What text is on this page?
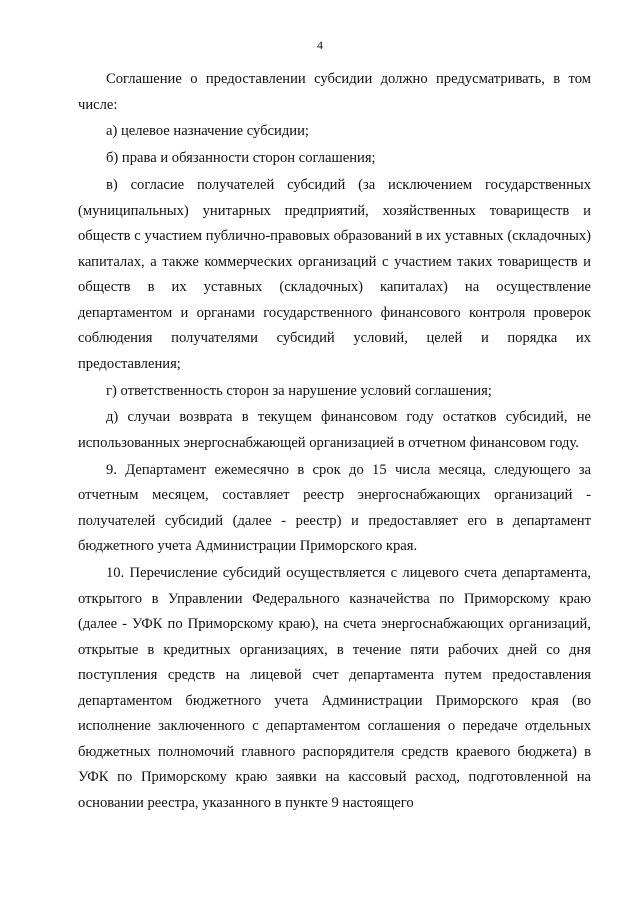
4

Соглашение о предоставлении субсидии должно предусматривать, в том числе:

а) целевое назначение субсидии;

б) права и обязанности сторон соглашения;

в) согласие получателей субсидий (за исключением государственных (муниципальных) унитарных предприятий, хозяйственных товариществ и обществ с участием публично-правовых образований в их уставных (складочных) капиталах, а также коммерческих организаций с участием таких товариществ и обществ в их уставных (складочных) капиталах) на осуществление департаментом и органами государственного финансового контроля проверок соблюдения получателями субсидий условий, целей и порядка их предоставления;

г) ответственность сторон за нарушение условий соглашения;

д) случаи возврата в текущем финансовом году остатков субсидий, не использованных энергоснабжающей организацией в отчетном финансовом году.

9. Департамент ежемесячно в срок до 15 числа месяца, следующего за отчетным месяцем, составляет реестр энергоснабжающих организаций - получателей субсидий (далее - реестр) и предоставляет его в департамент бюджетного учета Администрации Приморского края.

10. Перечисление субсидий осуществляется с лицевого счета департамента, открытого в Управлении Федерального казначейства по Приморскому краю (далее - УФК по Приморскому краю), на счета энергоснабжающих организаций, открытые в кредитных организациях, в течение пяти рабочих дней со дня поступления средств на лицевой счет департамента путем предоставления департаментом бюджетного учета Администрации Приморского края (во исполнение заключенного с департаментом соглашения о передаче отдельных бюджетных полномочий главного распорядителя средств краевого бюджета) в УФК по Приморскому краю заявки на кассовый расход, подготовленной на основании реестра, указанного в пункте 9 настоящего
